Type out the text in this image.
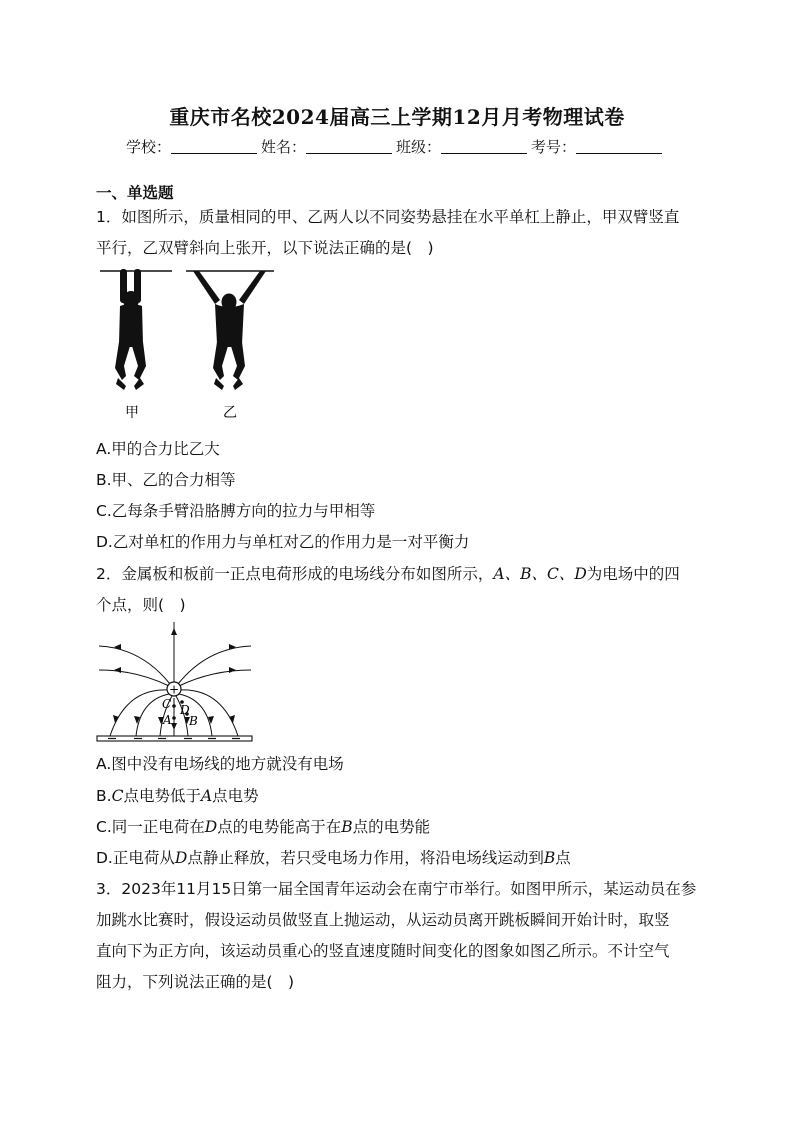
重庆市名校2024届高三上学期12月月考物理试卷
学校：	姓名：	班级：	考号：
一、单选题
1．如图所示，质量相同的甲、乙两人以不同姿势悬挂在水平单杠上静止，甲双臂竖直
平行，乙双臂斜向上张开，以下说法正确的是(　)
甲	乙
A.甲的合力比乙大
B.甲、乙的合力相等
C.乙每条手臂沿胳膊方向的拉力与甲相等
D.乙对单杠的作用力与单杠对乙的作用力是一对平衡力
2．金属板和板前一正点电荷形成的电场线分布如图所示，A、B、C、D为电场中的四
个点，则(　)
+
C D
A B
A.图中没有电场线的地方就没有电场
B.C点电势低于A点电势
C.同一正电荷在D点的电势能高于在B点的电势能
D.正电荷从D点静止释放，若只受电场力作用，将沿电场线运动到B点
3．2023年11月15日第一届全国青年运动会在南宁市举行。如图甲所示，某运动员在参
加跳水比赛时，假设运动员做竖直上抛运动，从运动员离开跳板瞬间开始计时，取竖
直向下为正方向，该运动员重心的竖直速度随时间变化的图象如图乙所示。不计空气
阻力，下列说法正确的是(　)
